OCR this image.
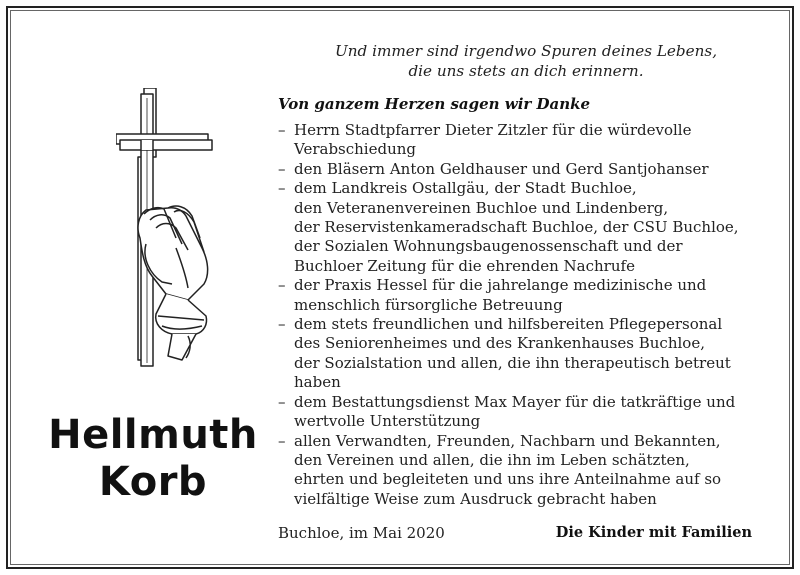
Und immer sind irgendwo Spuren deines Lebens,
die uns stets an dich erinnern.
Von ganzem Herzen sagen wir Danke
– Herrn Stadtpfarrer Dieter Zitzler für die würdevolle
Verabschiedung
– den Bläsern Anton Geldhauser und Gerd Santjohanser
– dem Landkreis Ostallgäu, der Stadt Buchloe,
den Veteranenvereinen Buchloe und Lindenberg,
der Reservistenkameradschaft Buchloe, der CSU Buchloe,
der Sozialen Wohnungsbaugenossenschaft und der
Buchloer Zeitung für die ehrenden Nachrufe
– der Praxis Hessel für die jahrelange medizinische und
menschlich fürsorgliche Betreuung
– dem stets freundlichen und hilfsbereiten Pflegepersonal
des Seniorenheimes und des Krankenhauses Buchloe,
der Sozialstation und allen, die ihn therapeutisch betreut
haben
– dem Bestattungsdienst Max Mayer für die tatkräftige und
wertvolle Unterstützung
– allen Verwandten, Freunden, Nachbarn und Bekannten,
den Vereinen und allen, die ihn im Leben schätzten,
ehrten und begleiteten und uns ihre Anteilnahme auf so
vielfältige Weise zum Ausdruck gebracht haben
Hellmuth
Korb
Buchloe, im Mai 2020	Die Kinder mit Familien
